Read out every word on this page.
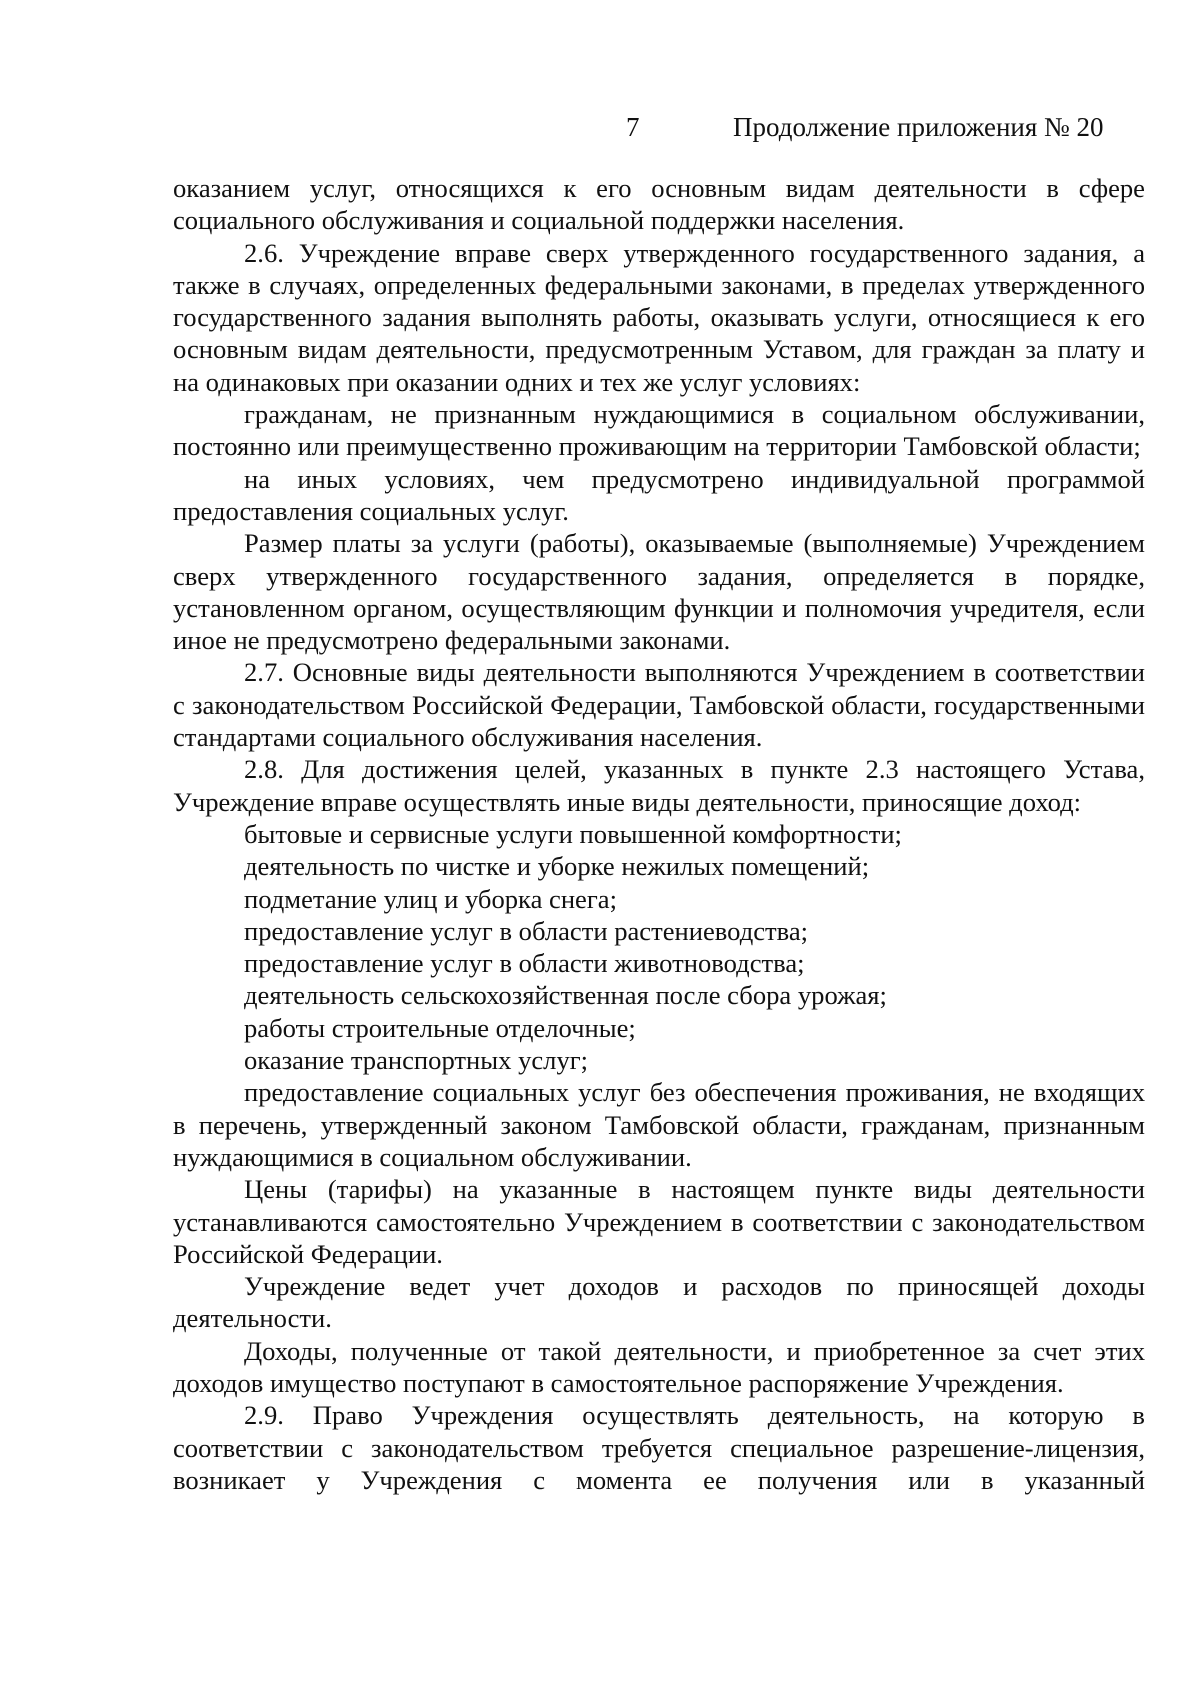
7	Продолжение приложения № 20

оказанием услуг, относящихся к его основным видам деятельности в сфере социального обслуживания и социальной поддержки населения.

2.6. Учреждение вправе сверх утвержденного государственного задания, а также в случаях, определенных федеральными законами, в пределах утвержденного государственного задания выполнять работы, оказывать услуги, относящиеся к его основным видам деятельности, предусмотренным Уставом, для граждан за плату и на одинаковых при оказании одних и тех же услуг условиях:

гражданам, не признанным нуждающимися в социальном обслуживании, постоянно или преимущественно проживающим на территории Тамбовской области;

на иных условиях, чем предусмотрено индивидуальной программой предоставления социальных услуг.

Размер платы за услуги (работы), оказываемые (выполняемые) Учреждением сверх утвержденного государственного задания, определяется в порядке, установленном органом, осуществляющим функции и полномочия учредителя, если иное не предусмотрено федеральными законами.

2.7. Основные виды деятельности выполняются Учреждением в соответствии с законодательством Российской Федерации, Тамбовской области, государственными стандартами социального обслуживания населения.

2.8. Для достижения целей, указанных в пункте 2.3 настоящего Устава, Учреждение вправе осуществлять иные виды деятельности, приносящие доход:

бытовые и сервисные услуги повышенной комфортности;

деятельность по чистке и уборке нежилых помещений;

подметание улиц и уборка снега;

предоставление услуг в области растениеводства;

предоставление услуг в области животноводства;

деятельность сельскохозяйственная после сбора урожая;

работы строительные отделочные;

оказание транспортных услуг;

предоставление социальных услуг без обеспечения проживания, не входящих в перечень, утвержденный законом Тамбовской области, гражданам, признанным нуждающимися в социальном обслуживании.

Цены (тарифы) на указанные в настоящем пункте виды деятельности устанавливаются самостоятельно Учреждением в соответствии с законодательством Российской Федерации.

Учреждение ведет учет доходов и расходов по приносящей доходы деятельности.

Доходы, полученные от такой деятельности, и приобретенное за счет этих доходов имущество поступают в самостоятельное распоряжение Учреждения.

2.9. Право Учреждения осуществлять деятельность, на которую в соответствии с законодательством требуется специальное разрешение-лицензия, возникает у Учреждения с момента ее получения или в указанный
